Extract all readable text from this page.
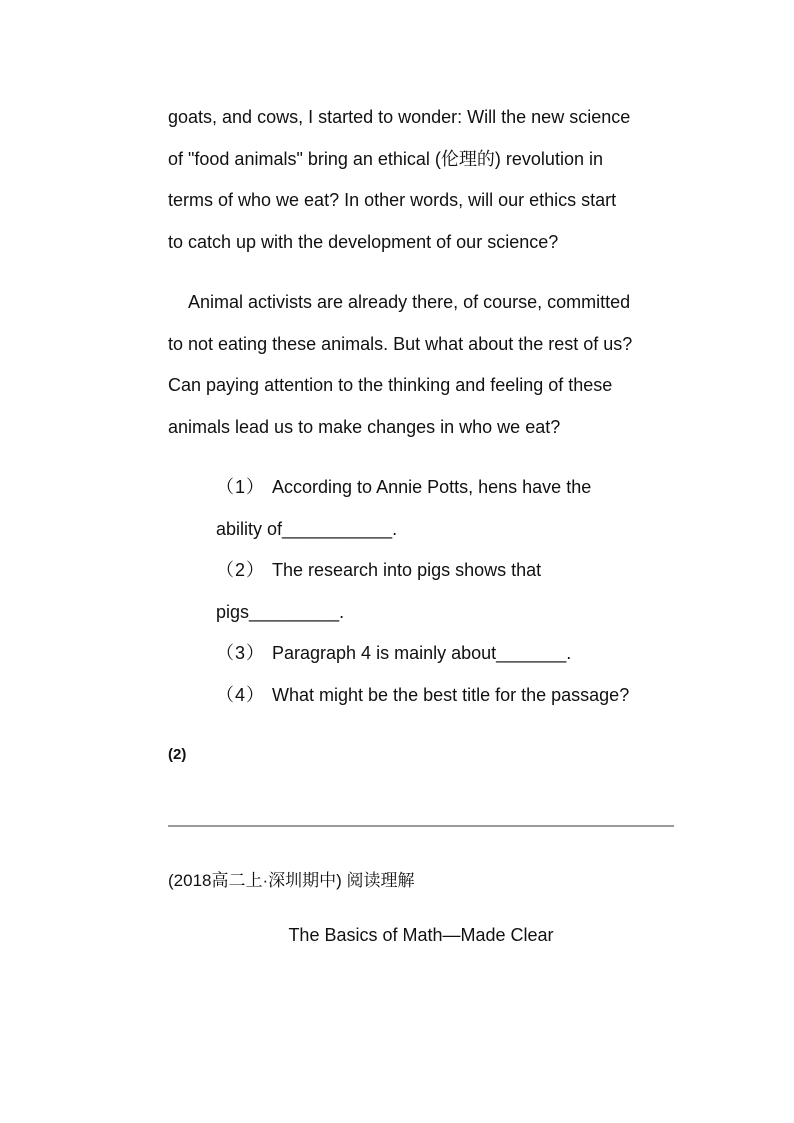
goats, and cows, I started to wonder: Will the new science
of "food animals" bring an ethical (伦理的) revolution in
terms of who we eat? In other words, will our ethics start
to catch up with the development of our science?
Animal activists are already there, of course, committed
to not eating these animals. But what about the rest of us?
Can paying attention to the thinking and feeling of these
animals lead us to make changes in who we eat?
（1） According to Annie Potts, hens have the
ability of___________.
（2） The research into pigs shows that
pigs_________.
（3） Paragraph 4 is mainly about_______.
（4） What might be the best title for the passage?
(2)
(2018高二上·深圳期中) 阅读理解
The Basics of Math—Made Clear
